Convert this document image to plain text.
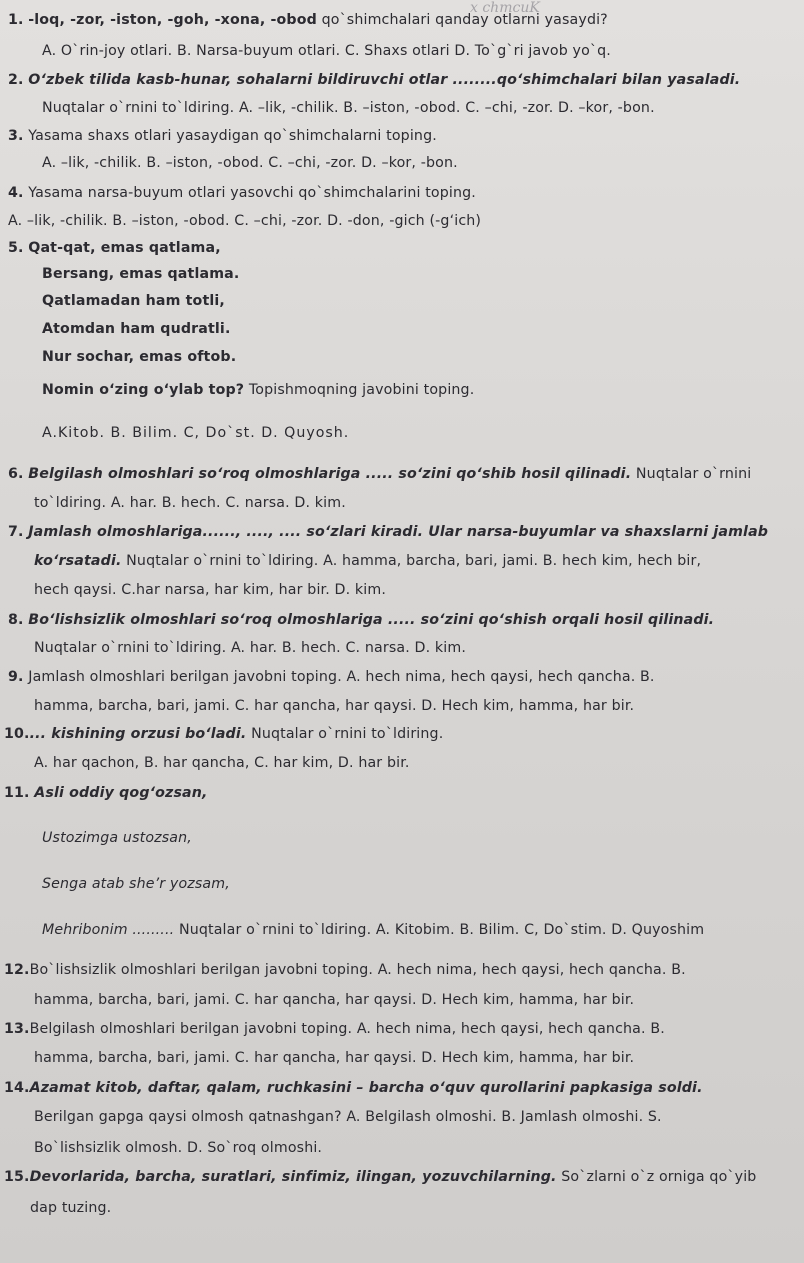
x chmcuK
1. -loq, -zor, -iston, -goh, -xona, -obod qo`shimchalari qanday otlarni yasaydi?
A. O`rin-joy otlari. B. Narsa-buyum otlari. C. Shaxs otlari D. To`g`ri javob yo`q.
2. O‘zbek tilida kasb-hunar, sohalarni bildiruvchi otlar ........qo‘shimchalari bilan yasaladi.
Nuqtalar o`rnini to`ldiring. A. –lik, -chilik. B. –iston, -obod. C. –chi, -zor. D. –kor, -bon.
3. Yasama shaxs otlari yasaydigan qo`shimchalarni toping.
A. –lik, -chilik. B. –iston, -obod. C. –chi, -zor. D. –kor, -bon.
4. Yasama narsa-buyum otlari yasovchi qo`shimchalarini toping.
A. –lik, -chilik. B. –iston, -obod. C. –chi, -zor. D. -don, -gich (-g‘ich)
5. Qat-qat, emas qatlama,
Bersang, emas qatlama.
Qatlamadan ham totli,
Atomdan ham qudratli.
Nur sochar, emas oftob.
Nomin o‘zing o‘ylab top? Topishmoqning javobini toping.
A.Kitob. B. Bilim. C, Do`st. D. Quyosh.
6. Belgilash olmoshlari so‘roq olmoshlariga ..... so‘zini qo‘shib hosil qilinadi. Nuqtalar o`rnini
to`ldiring. A. har. B. hech. C. narsa. D. kim.
7. Jamlash olmoshlariga......, ...., .... so‘zlari kiradi. Ular narsa-buyumlar va shaxslarni jamlab
ko‘rsatadi. Nuqtalar o`rnini to`ldiring. A. hamma, barcha, bari, jami. B. hech kim, hech bir,
hech qaysi. C.har narsa, har kim, har bir. D. kim.
8. Bo‘lishsizlik olmoshlari so‘roq olmoshlariga ..... so‘zini qo‘shish orqali hosil qilinadi.
Nuqtalar o`rnini to`ldiring. A. har. B. hech. C. narsa. D. kim.
9. Jamlash olmoshlari berilgan javobni toping. A. hech nima, hech qaysi, hech qancha. B.
hamma, barcha, bari, jami. C. har qancha, har qaysi. D. Hech kim, hamma, har bir.
10.... kishining orzusi bo‘ladi. Nuqtalar o`rnini to`ldiring.
A. har qachon, B. har qancha, C. har kim, D. har bir.
11. Asli oddiy qog‘ozsan,
Ustozimga ustozsan,
Senga atab she’r yozsam,
Mehribonim ......... Nuqtalar o`rnini to`ldiring. A. Kitobim. B. Bilim. C, Do`stim. D. Quyoshim
12.Bo`lishsizlik olmoshlari berilgan javobni toping. A. hech nima, hech qaysi, hech qancha. B.
hamma, barcha, bari, jami. C. har qancha, har qaysi. D. Hech kim, hamma, har bir.
13.Belgilash olmoshlari berilgan javobni toping. A. hech nima, hech qaysi, hech qancha. B.
hamma, barcha, bari, jami. C. har qancha, har qaysi. D. Hech kim, hamma, har bir.
14.Azamat kitob, daftar, qalam, ruchkasini – barcha o‘quv qurollarini papkasiga soldi.
Berilgan gapga qaysi olmosh qatnashgan? A. Belgilash olmoshi. B. Jamlash olmoshi. S.
Bo`lishsizlik olmosh. D. So`roq olmoshi.
15.Devorlarida, barcha, suratlari, sinfimiz, ilingan, yozuvchilarning. So`zlarni o`z orniga qo`yib
dap tuzing.
